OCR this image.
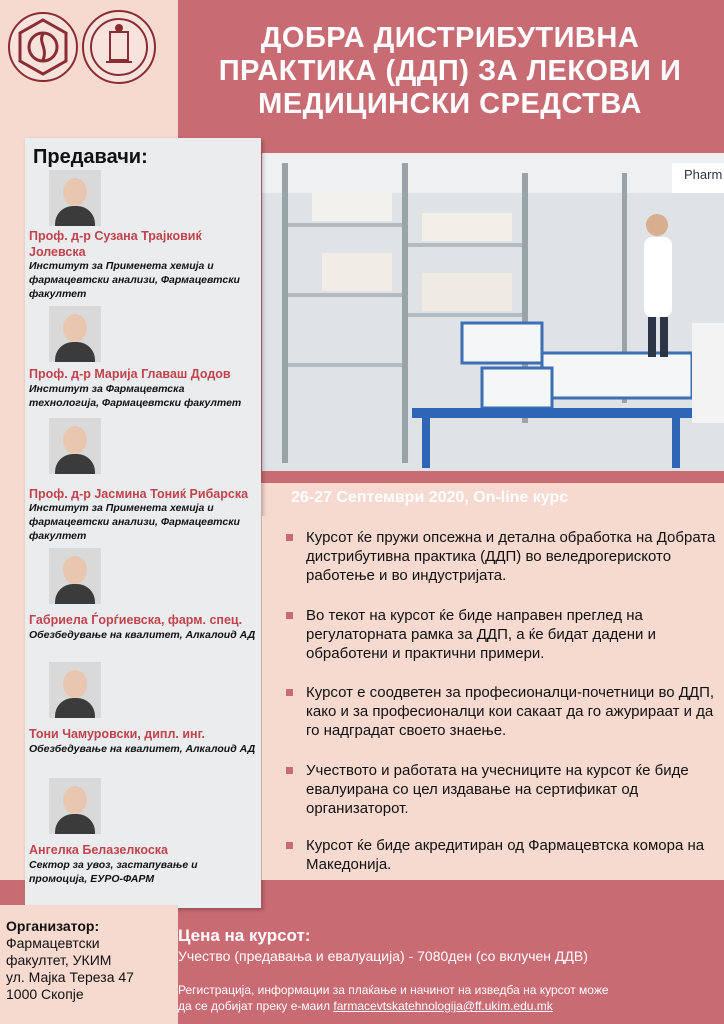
ДОБРА ДИСТРИБУТИВНА
ПРАКТИКА (ДДП) ЗА ЛЕКОВИ И
МЕДИЦИНСКИ СРЕДСТВА
Pharm
Предавачи:
Проф. д-р Сузана Трајковиќ Јолевска
Институт за Применета хемија и фармацевтски анализи, Фармацевтски факултет
Проф. д-р Марија Главаш Додов
Институт за Фармацевтска технологија, Фармацевтски факултет
Проф. д-р Јасмина Тониќ Рибарска
Институт за Применета хемија и фармацевтски анализи, Фармацевтски факултет
Габриела Ѓорѓиевска, фарм. спец.
Обезбедување на квалитет, Алкалоид АД
Тони Чамуровски, дипл. инг.
Обезбедување на квалитет, Алкалоид АД
Ангелка Белазелкоска
Сектор за увоз, застапување и промоција, ЕУРО-ФАРМ
26-27 Септември 2020, On-line курс
Курсот ќе пружи опсежна и детална обработка на Добрата дистрибутивна практика (ДДП) во веледрогериското работење и во индустријата.
Во текот на курсот ќе биде направен преглед на регулаторната рамка за ДДП, а ќе бидат дадени и обработени и практични примери.
Курсот е соодветен за професионалци-почетници во ДДП, како и за професионалци кои сакаат да го ажурираат и да го надградат своето знаење.
Учеството и работата на учесниците на курсот ќе биде евалуирана со цел издавање на сертификат од организаторот.
Курсот ќе биде акредитиран од Фармацевтска комора на Македонија.
Организатор:
Фармацевтски
факултет, УКИМ
ул. Мајка Тереза 47
1000 Скопје
Цена на курсот:
Учество (предавања и евалуација) - 7080ден (со вклучен ДДВ)
Регистрација, информации за плаќање и начинот на изведба на курсот може
да се добијат преку е-маил farmacevtskatehnologija@ff.ukim.edu.mk
